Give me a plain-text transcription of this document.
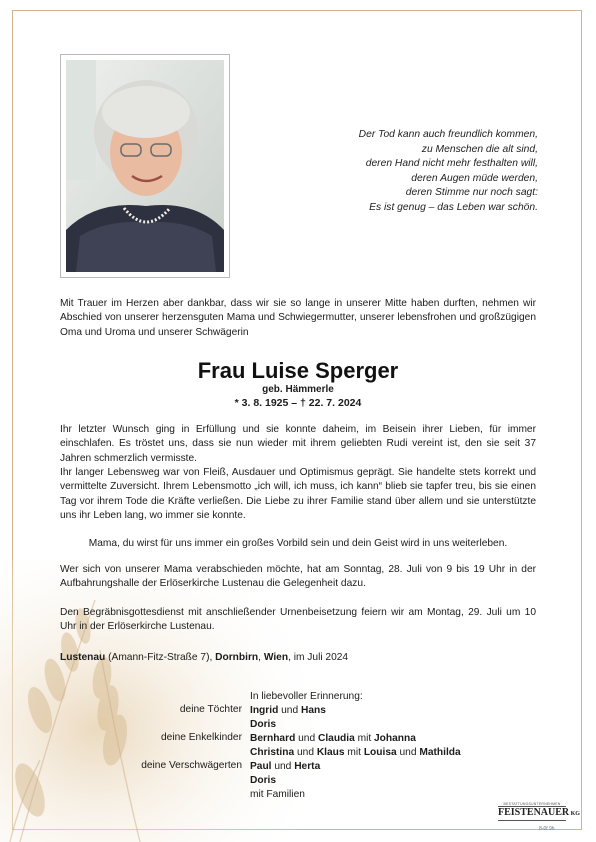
Der Tod kann auch freundlich kommen,
zu Menschen die alt sind,
deren Hand nicht mehr festhalten will,
deren Augen müde werden,
deren Stimme nur noch sagt:
Es ist genug – das Leben war schön.
Mit Trauer im Herzen aber dankbar, dass wir sie so lange in unserer Mitte haben durften, nehmen wir Abschied von unserer herzensguten Mama und Schwiegermutter, unserer lebensfrohen und großzügigen Oma und Uroma und unserer Schwägerin
Frau Luise Sperger
geb. Hämmerle
* 3. 8. 1925 – † 22. 7. 2024
Ihr letzter Wunsch ging in Erfüllung und sie konnte daheim, im Beisein ihrer Lieben, für immer einschlafen. Es tröstet uns, dass sie nun wieder mit ihrem geliebten Rudi vereint ist, den sie seit 37 Jahren schmerzlich vermisste.
Ihr langer Lebensweg war von Fleiß, Ausdauer und Optimismus geprägt. Sie handelte stets korrekt und vermittelte Zuversicht. Ihrem Lebensmotto „ich will, ich muss, ich kann“ blieb sie tapfer treu, bis sie einen Tag vor ihrem Tode die Kräfte verließen. Die Liebe zu ihrer Familie stand über allem und sie unterstützte uns ihr Leben lang, wo immer sie konnte.
Mama, du wirst für uns immer ein großes Vorbild sein und dein Geist wird in uns weiterleben.
Wer sich von unserer Mama verabschieden möchte, hat am Sonntag, 28. Juli von 9 bis 19 Uhr in der Aufbahrungshalle der Erlöserkirche Lustenau die Gelegenheit dazu.
Den Begräbnisgottesdienst mit anschließender Urnenbeisetzung feiern wir am Montag, 29. Juli um 10 Uhr in der Erlöserkirche Lustenau.
Lustenau (Amann-Fitz-Straße 7), Dornbirn, Wien, im Juli 2024
In liebevoller Erinnerung:
deine Töchter Ingrid und Hans
Doris
deine Enkelkinder Bernhard und Claudia mit Johanna
Christina und Klaus mit Louisa und Mathilda
deine Verschwägerten Paul und Herta
Doris
mit Familien
BESTATTUNGSUNTERNEHMEN
FEISTENAUER KG
8-0f 9h
